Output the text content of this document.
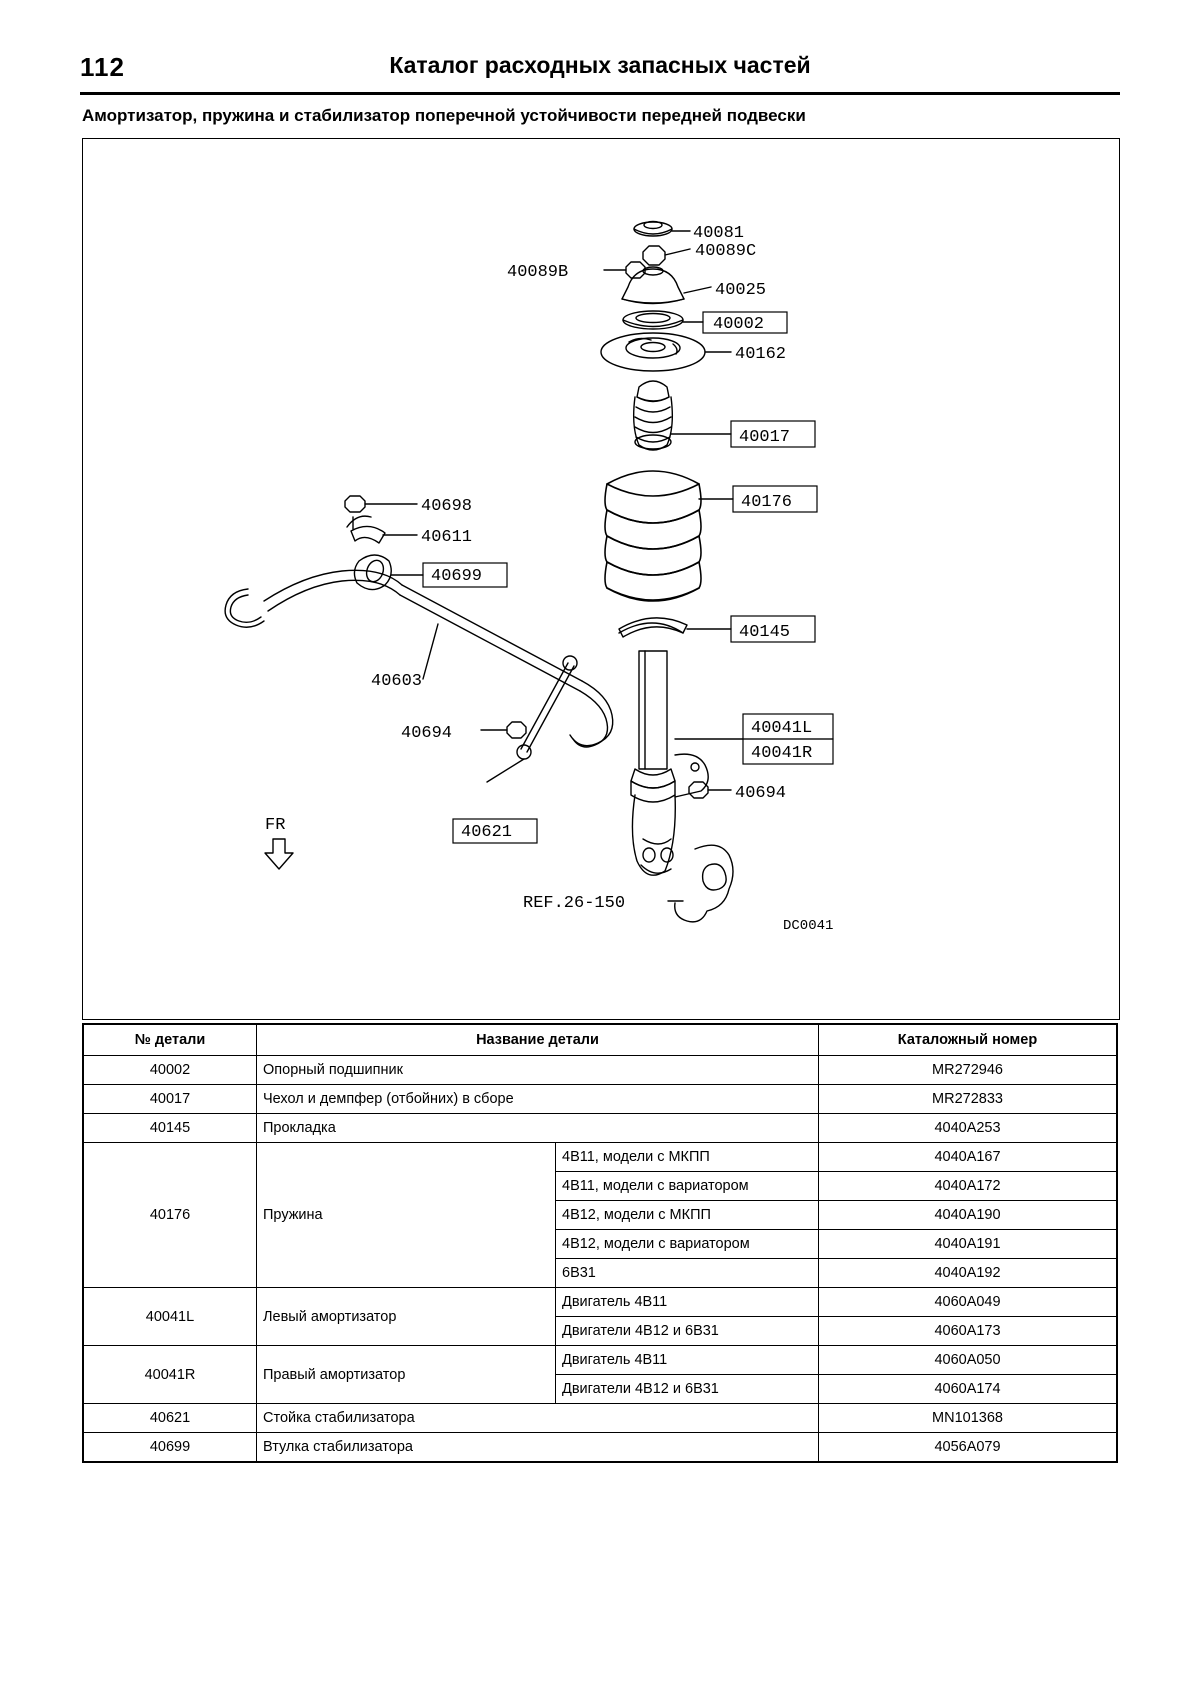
112	Каталог расходных запасных частей
Амортизатор, пружина и стабилизатор поперечной устойчивости передней подвески
40081
40089C
40089B
40025
40002
40162
40017
40176
40145
40041L
40041R
40694
40698
40611
40699
40603
40694
40621
REF.26-150
FR
DC0041
№ детали	Название детали		Каталожный номер
40002	Опорный подшипник		MR272946
40017	Чехол и демпфер (отбойниx) в сборе		MR272833
40145	Прокладка		4040A253
40176	Пружина	4В11, модели с МКПП	4040A167
		4В11, модели с вариатором	4040A172
		4В12, модели с МКПП	4040A190
		4В12, модели с вариатором	4040A191
		6В31	4040A192
40041L	Левый амортизатор	Двигатель 4В11	4060A049
		Двигатели 4В12 и 6В31	4060A173
40041R	Правый амортизатор	Двигатель 4В11	4060A050
		Двигатели 4В12 и 6В31	4060A174
40621	Стойка стабилизатора		MN101368
40699	Втулка стабилизатора		4056A079
